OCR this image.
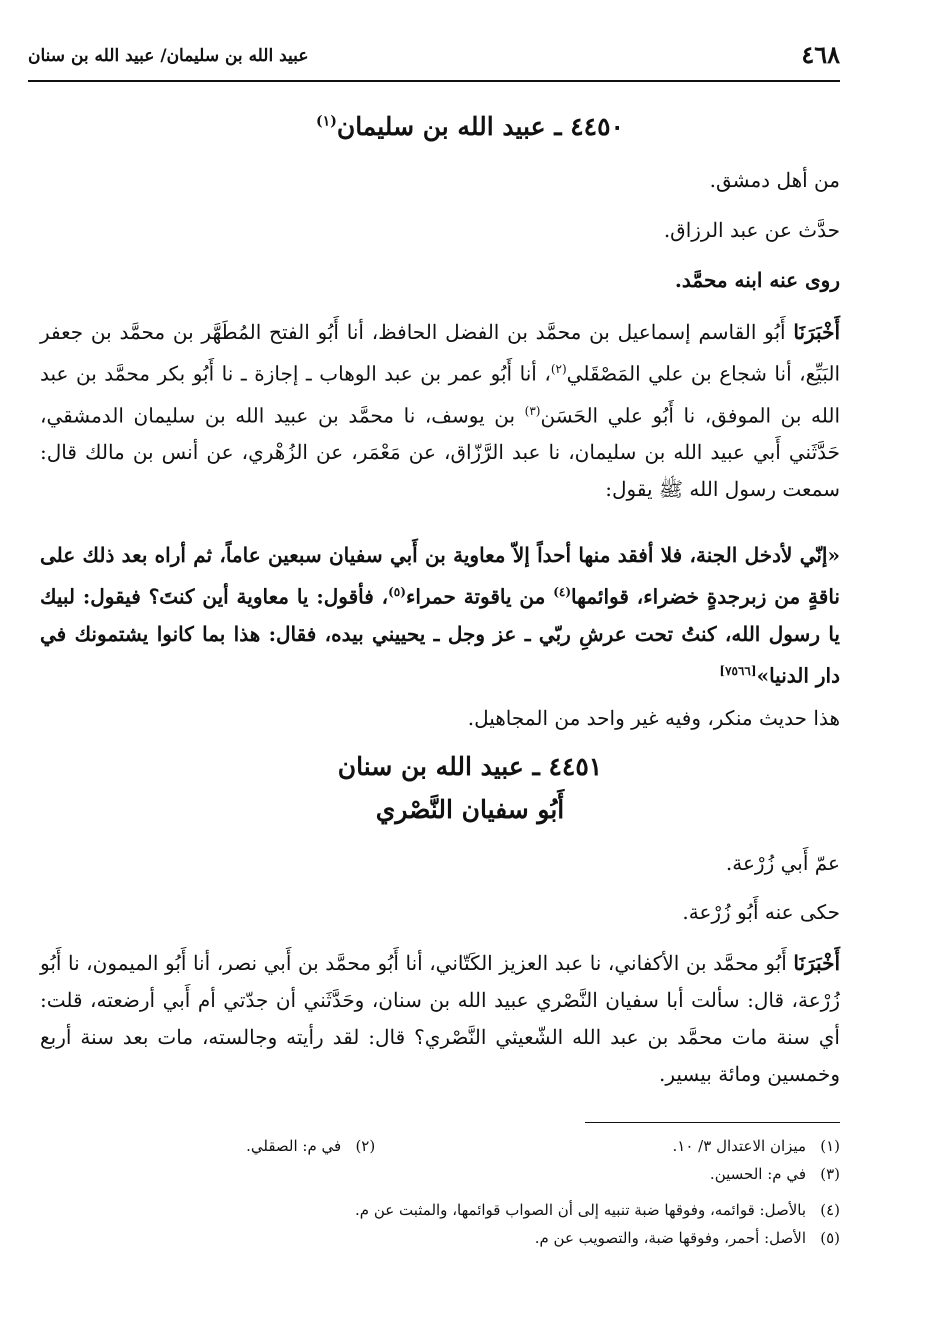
٤٦٨
عبيد الله بن سليمان/ عبيد الله بن سنان
٤٤٥٠ ـ عبيد الله بن سليمان$^{(١)}$
من أهل دمشق.
حدَّث عن عبد الرزاق.
روى عنه ابنه محمَّد.
أَخْبَرَنَا أَبُو القاسم إسماعيل بن محمَّد بن الفضل الحافظ، أنا أَبُو الفتح المُطَهَّر بن محمَّد بن جعفر البَيِّع، أنا شجاع بن علي المَصْقَلي$^{(٢)}$، أنا أَبُو عمر بن عبد الوهاب ـ إجازة ـ نا أَبُو بكر محمَّد بن عبد الله بن الموفق، نا أَبُو علي الحَسَن$^{(٣)}$ بن يوسف، نا محمَّد بن عبيد الله بن سليمان الدمشقي، حَدَّثَني أَبي عبيد الله بن سليمان، نا عبد الرَّزّاق، عن مَعْمَر، عن الزُهْري، عن أنس بن مالك قال: سمعت رسول الله ﷺ يقول:
«إنّي لأدخل الجنة، فلا أفقد منها أحداً إلاّ معاوية بن أَبي سفيان سبعين عاماً، ثم أراه بعد ذلك على ناقةٍ من زبرجدةٍ خضراء، قوائمها$^{(٤)}$ من ياقوتة حمراء$^{(٥)}$، فأقول: يا معاوية أين كنتَ؟ فيقول: لبيك يا رسول الله، كنتُ تحت عرشِ ربّي ـ عز وجل ـ يحييني بيده، فقال: هذا بما كانوا يشتمونك في دار الدنيا»[٧٥٦٦]
هذا حديث منكر، وفيه غير واحد من المجاهيل.
٤٤٥١ ـ عبيد الله بن سنان
أَبُو سفيان النَّصْري
عمّ أَبي زُرْعة.
حكى عنه أَبُو زُرْعة.
أَخْبَرَنَا أَبُو محمَّد بن الأكفاني، نا عبد العزيز الكَتّاني، أنا أَبُو محمَّد بن أَبي نصر، أنا أَبُو الميمون، نا أَبُو زُرْعة، قال: سألت أبا سفيان النَّصْري عبيد الله بن سنان، وحَدَّثَني أن جدّتي أم أَبي أرضعته، قلت: أي سنة مات محمَّد بن عبد الله الشّعيثي النَّصْري؟ قال: لقد رأيته وجالسته، مات بعد سنة أربع وخمسين ومائة بيسير.
(١)ميزان الاعتدال ٣/ ١٠. (٢)في م: الصقلي.
(٣)في م: الحسين.
(٤)بالأصل: قوائمه، وفوقها ضبة تنبيه إلى أن الصواب قوائمها، والمثبت عن م.
(٥)الأصل: أحمر، وفوقها ضبة، والتصويب عن م.
